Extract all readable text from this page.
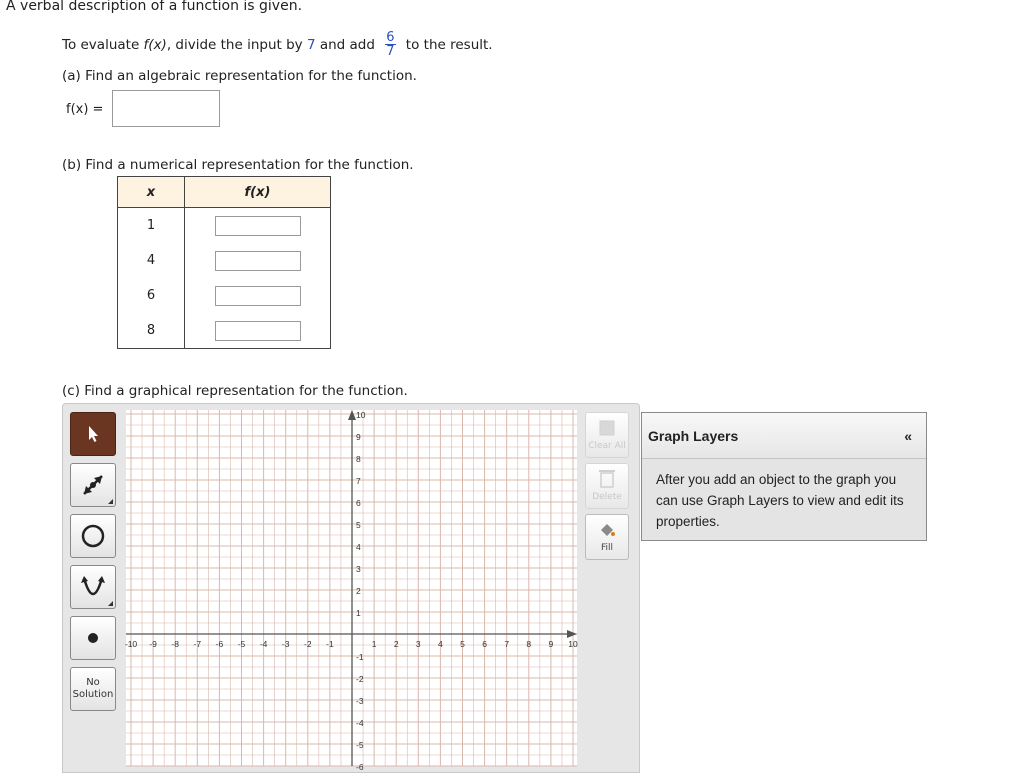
A verbal description of a function is given.
To evaluate f(x) , divide the input by 7 and add $\frac{6}{7}$ to the result.
(a) Find an algebraic representation for the function.
f(x) =
(b) Find a numerical representation for the function.
x	f(x)
1	
4	
6	
8	
(c) Find a graphical representation for the function.
No Solution
-10 -9 -8 -7 -6 -5 -4 -3 -2 -1	1 2 3 4 5 6 7 8 9 10
10
9
8
7
6
5
4
3
2
1
-1
-2
-3
-4
-5
-6
Clear All
Delete
Fill
Graph Layers	«
After you add an object to the graph you can use Graph Layers to view and edit its properties.
